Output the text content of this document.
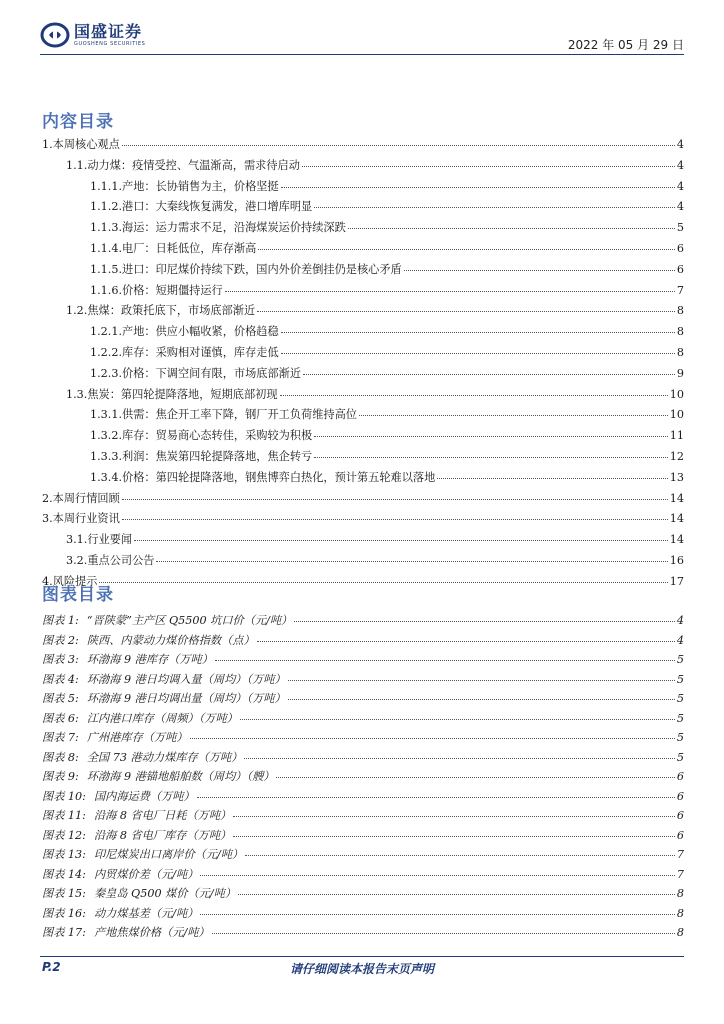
国盛证券
GUOSHENG SECURITIES	2022 年 05 月 29 日
内容目录
1.本周核心观点	4
1.1.动力煤：疫情受控、气温渐高，需求待启动	4
1.1.1.产地：长协销售为主，价格坚挺	4
1.1.2.港口：大秦线恢复满发，港口增库明显	4
1.1.3.海运：运力需求不足，沿海煤炭运价持续深跌	5
1.1.4.电厂：日耗低位，库存渐高	6
1.1.5.进口：印尼煤价持续下跌，国内外价差倒挂仍是核心矛盾	6
1.1.6.价格：短期僵持运行	7
1.2.焦煤：政策托底下，市场底部渐近	8
1.2.1.产地：供应小幅收紧，价格趋稳	8
1.2.2.库存：采购相对谨慎，库存走低	8
1.2.3.价格：下调空间有限，市场底部渐近	9
1.3.焦炭：第四轮提降落地，短期底部初现	10
1.3.1.供需：焦企开工率下降，钢厂开工负荷维持高位	10
1.3.2.库存：贸易商心态转佳，采购较为积极	11
1.3.3.利润：焦炭第四轮提降落地，焦企转亏	12
1.3.4.价格：第四轮提降落地，钢焦博弈白热化，预计第五轮难以落地	13
2.本周行情回顾	14
3.本周行业资讯	14
3.1.行业要闻	14
3.2.重点公司公告	16
4.风险提示	17
图表目录
图表 1: “晋陕蒙”主产区 Q5500 坑口价（元/吨）	4
图表 2: 陕西、内蒙动力煤价格指数（点）	4
图表 3: 环渤海 9 港库存（万吨）	5
图表 4: 环渤海 9 港日均调入量（周均）（万吨）	5
图表 5: 环渤海 9 港日均调出量（周均）（万吨）	5
图表 6: 江内港口库存（周频）（万吨）	5
图表 7: 广州港库存（万吨）	5
图表 8: 全国 73 港动力煤库存（万吨）	5
图表 9: 环渤海 9 港锚地船舶数（周均）（艘）	6
图表 10: 国内海运费（万吨）	6
图表 11: 沿海 8 省电厂日耗（万吨）	6
图表 12: 沿海 8 省电厂库存（万吨）	6
图表 13: 印尼煤炭出口离岸价（元/吨）	7
图表 14: 内贸煤价差（元/吨）	7
图表 15: 秦皇岛 Q500 煤价（元/吨）	8
图表 16: 动力煤基差（元/吨）	8
图表 17: 产地焦煤价格（元/吨）	8
P.2	请仔细阅读本报告末页声明
